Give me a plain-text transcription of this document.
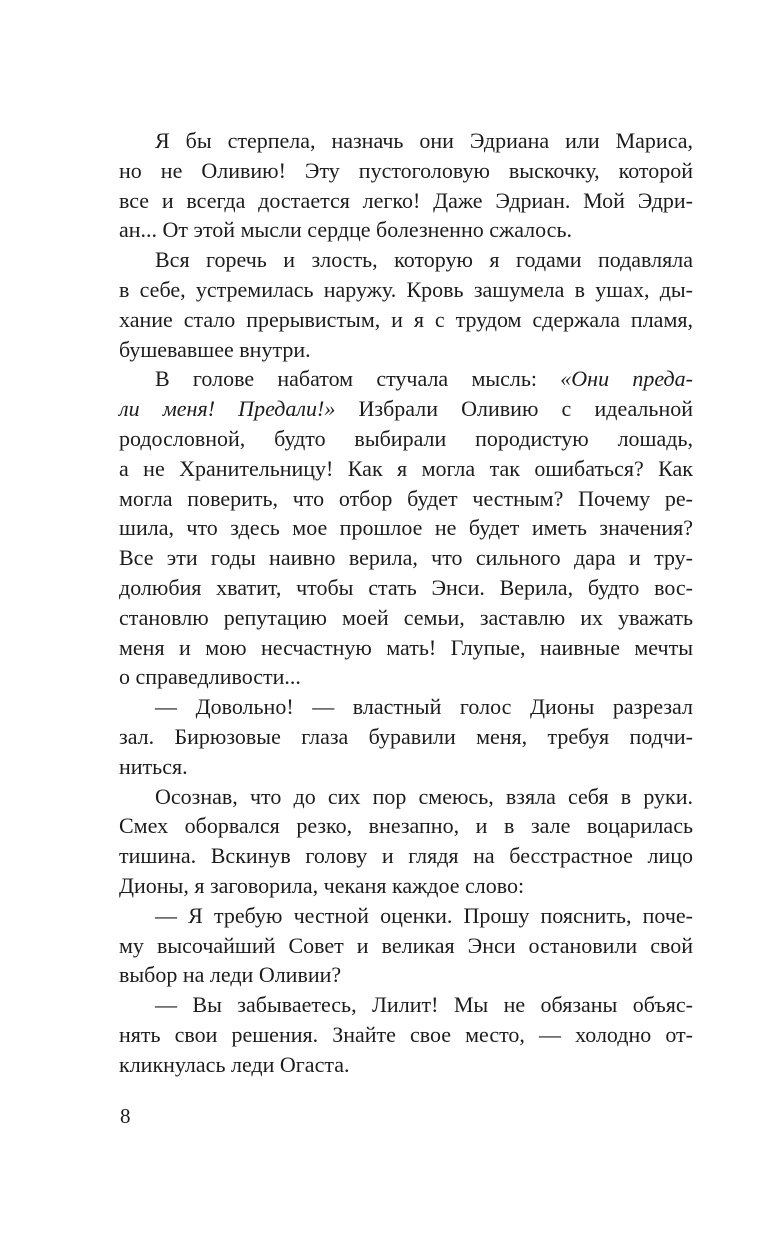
Я бы стерпела, назначь они Эдриана или Мариса,
но не Оливию! Эту пустоголовую выскочку, которой
все и всегда достается легко! Даже Эдриан. Мой Эдри-
ан... От этой мысли сердце болезненно сжалось.
Вся горечь и злость, которую я годами подавляла
в себе, устремилась наружу. Кровь зашумела в ушах, ды-
хание стало прерывистым, и я с трудом сдержала пламя,
бушевавшее внутри.
В голове набатом стучала мысль: «Они преда-
ли меня! Предали!» Избрали Оливию с идеальной
родословной, будто выбирали породистую лошадь,
а не Хранительницу! Как я могла так ошибаться? Как
могла поверить, что отбор будет честным? Почему ре-
шила, что здесь мое прошлое не будет иметь значения?
Все эти годы наивно верила, что сильного дара и тру-
долюбия хватит, чтобы стать Энси. Верила, будто вос-
становлю репутацию моей семьи, заставлю их уважать
меня и мою несчастную мать! Глупые, наивные мечты
о справедливости...
— Довольно! — властный голос Дионы разрезал
зал. Бирюзовые глаза буравили меня, требуя подчи-
ниться.
Осознав, что до сих пор смеюсь, взяла себя в руки.
Смех оборвался резко, внезапно, и в зале воцарилась
тишина. Вскинув голову и глядя на бесстрастное лицо
Дионы, я заговорила, чеканя каждое слово:
— Я требую честной оценки. Прошу пояснить, поче-
му высочайший Совет и великая Энси остановили свой
выбор на леди Оливии?
— Вы забываетесь, Лилит! Мы не обязаны объяс-
нять свои решения. Знайте свое место, — холодно от-
кликнулась леди Огаста.
8
